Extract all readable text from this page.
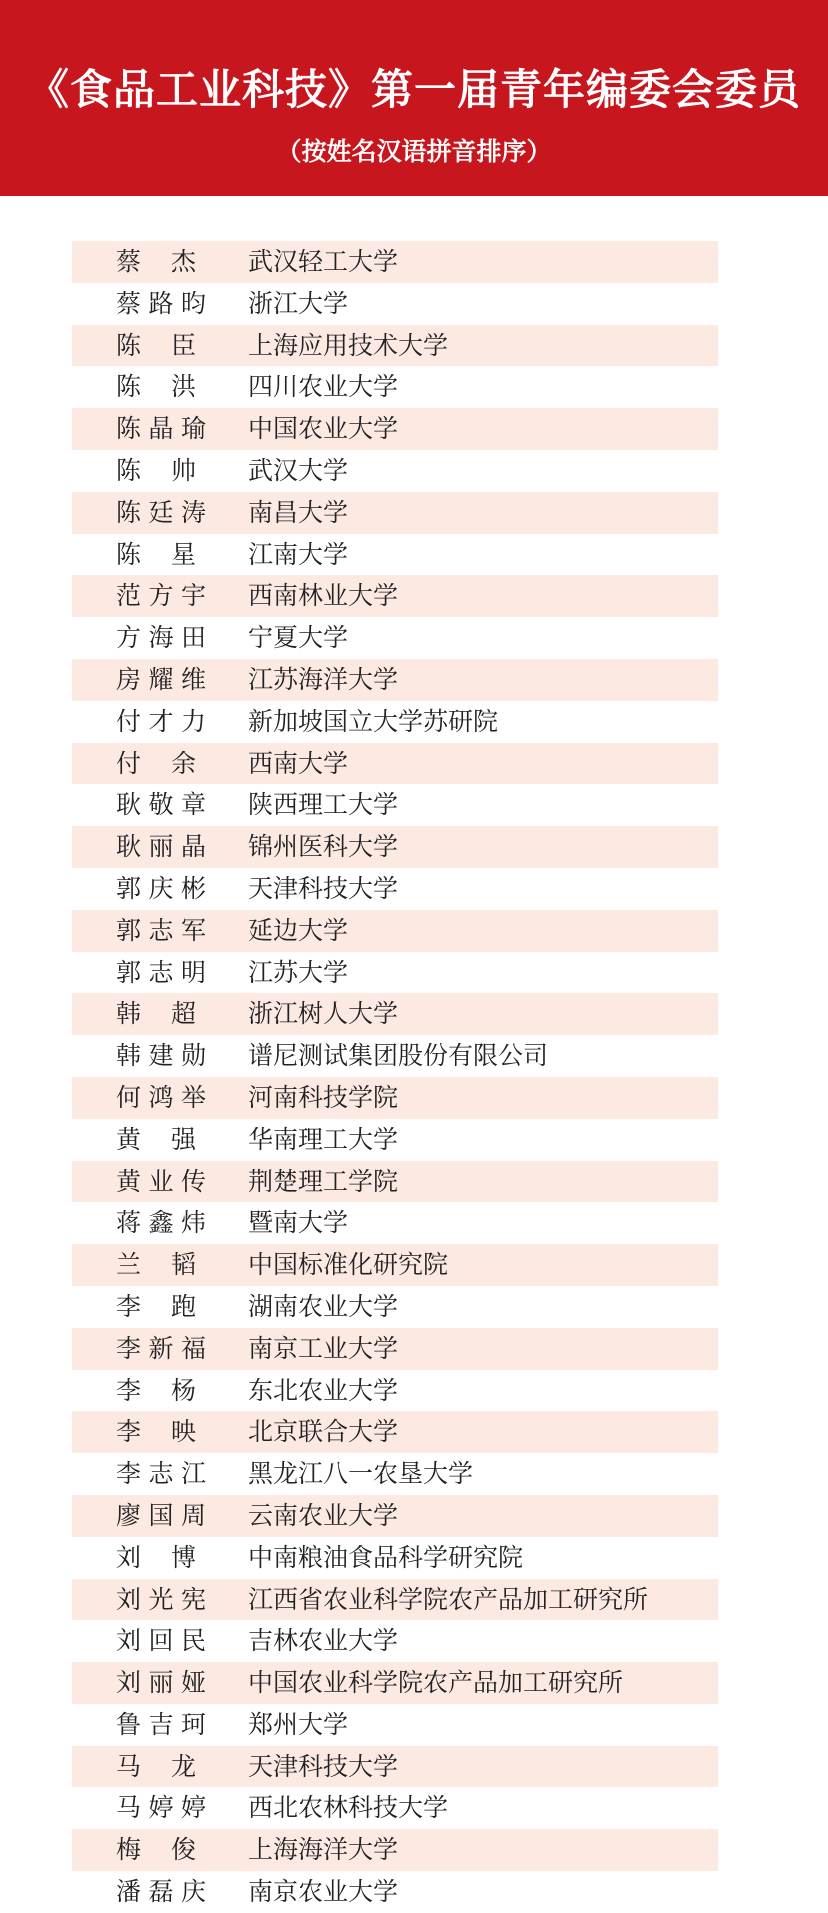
《食品工业科技》第一届青年编委会委员
（按姓名汉语拼音排序）
蔡杰 武汉轻工大学
蔡路昀 浙江大学
陈臣 上海应用技术大学
陈洪 四川农业大学
陈晶瑜 中国农业大学
陈帅 武汉大学
陈廷涛 南昌大学
陈星 江南大学
范方宇 西南林业大学
方海田 宁夏大学
房耀维 江苏海洋大学
付才力 新加坡国立大学苏研院
付余 西南大学
耿敬章 陕西理工大学
耿丽晶 锦州医科大学
郭庆彬 天津科技大学
郭志军 延边大学
郭志明 江苏大学
韩超 浙江树人大学
韩建勋 谱尼测试集团股份有限公司
何鸿举 河南科技学院
黄强 华南理工大学
黄业传 荆楚理工学院
蒋鑫炜 暨南大学
兰韬 中国标准化研究院
李跑 湖南农业大学
李新福 南京工业大学
李杨 东北农业大学
李映 北京联合大学
李志江 黑龙江八一农垦大学
廖国周 云南农业大学
刘博 中南粮油食品科学研究院
刘光宪 江西省农业科学院农产品加工研究所
刘回民 吉林农业大学
刘丽娅 中国农业科学院农产品加工研究所
鲁吉珂 郑州大学
马龙 天津科技大学
马婷婷 西北农林科技大学
梅俊 上海海洋大学
潘磊庆 南京农业大学
